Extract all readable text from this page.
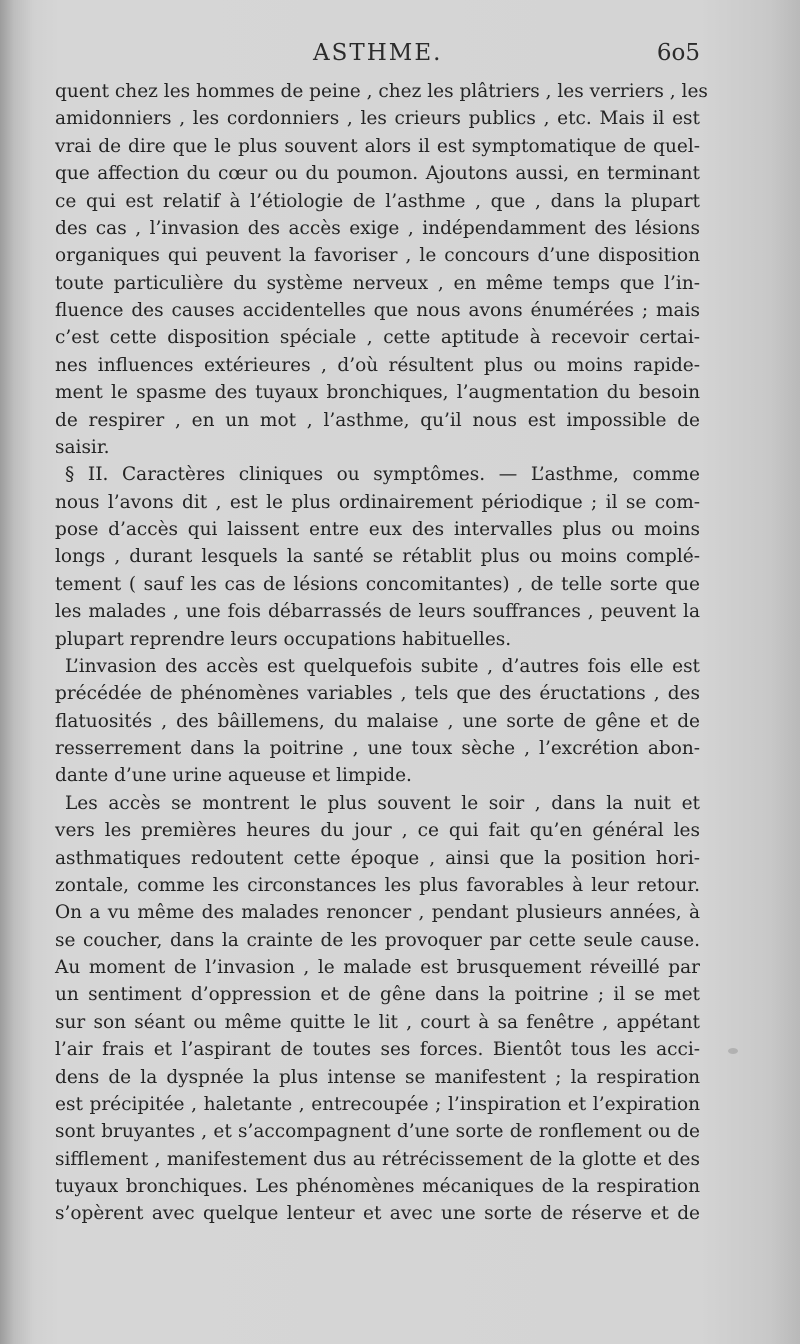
ASTHME.	6o5
quent chez les hommes de peine , chez les plâtriers , les verriers , les
amidonniers , les cordonniers , les crieurs publics , etc. Mais il est
vrai de dire que le plus souvent alors il est symptomatique de quel-
que affection du cœur ou du poumon. Ajoutons aussi, en terminant
ce qui est relatif à l’étiologie de l’asthme , que , dans la plupart
des cas , l’invasion des accès exige , indépendamment des lésions
organiques qui peuvent la favoriser , le concours d’une disposition
toute particulière du système nerveux , en même temps que l’in-
fluence des causes accidentelles que nous avons énumérées ; mais
c’est cette disposition spéciale , cette aptitude à recevoir certai-
nes influences extérieures , d’où résultent plus ou moins rapide-
ment le spasme des tuyaux bronchiques, l’augmentation du besoin
de respirer , en un mot , l’asthme, qu’il nous est impossible de
saisir.
§ II. Caractères cliniques ou symptômes. — L’asthme, comme
nous l’avons dit , est le plus ordinairement périodique ; il se com-
pose d’accès qui laissent entre eux des intervalles plus ou moins
longs , durant lesquels la santé se rétablit plus ou moins complé-
tement ( sauf les cas de lésions concomitantes) , de telle sorte que
les malades , une fois débarrassés de leurs souffrances , peuvent la
plupart reprendre leurs occupations habituelles.
L’invasion des accès est quelquefois subite , d’autres fois elle est
précédée de phénomènes variables , tels que des éructations , des
flatuosités , des bâillemens, du malaise , une sorte de gêne et de
resserrement dans la poitrine , une toux sèche , l’excrétion abon-
dante d’une urine aqueuse et limpide.
Les accès se montrent le plus souvent le soir , dans la nuit et
vers les premières heures du jour , ce qui fait qu’en général les
asthmatiques redoutent cette époque , ainsi que la position hori-
zontale, comme les circonstances les plus favorables à leur retour.
On a vu même des malades renoncer , pendant plusieurs années, à
se coucher, dans la crainte de les provoquer par cette seule cause.
Au moment de l’invasion , le malade est brusquement réveillé par
un sentiment d’oppression et de gêne dans la poitrine ; il se met
sur son séant ou même quitte le lit , court à sa fenêtre , appétant
l’air frais et l’aspirant de toutes ses forces. Bientôt tous les acci-
dens de la dyspnée la plus intense se manifestent ; la respiration
est précipitée , haletante , entrecoupée ; l’inspiration et l’expiration
sont bruyantes , et s’accompagnent d’une sorte de ronflement ou de
sifflement , manifestement dus au rétrécissement de la glotte et des
tuyaux bronchiques. Les phénomènes mécaniques de la respiration
s’opèrent avec quelque lenteur et avec une sorte de réserve et de
